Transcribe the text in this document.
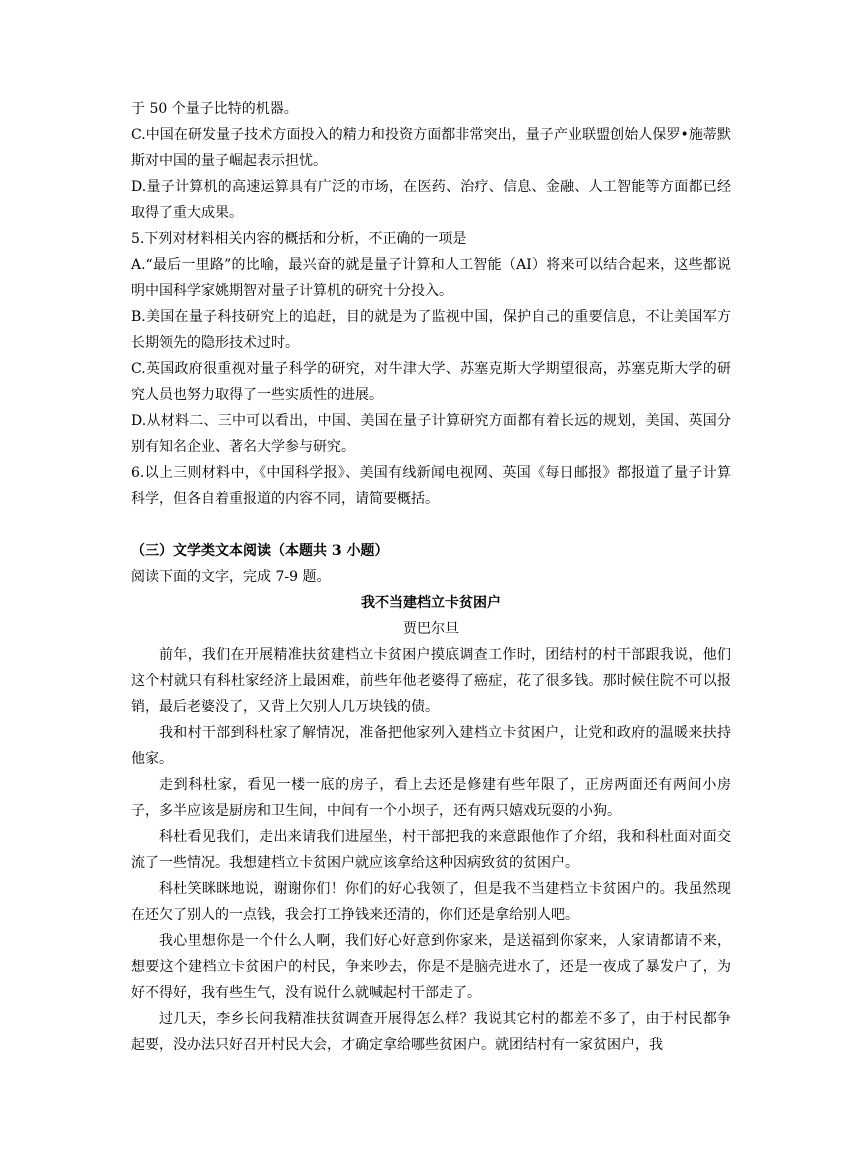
于 50 个量子比特的机器。

C.中国在研发量子技术方面投入的精力和投资方面都非常突出，量子产业联盟创始人保罗•施蒂默斯对中国的量子崛起表示担忧。

D.量子计算机的高速运算具有广泛的市场，在医药、治疗、信息、金融、人工智能等方面都已经取得了重大成果。

5.下列对材料相关内容的概括和分析，不正确的一项是

A.“最后一里路”的比喻，最兴奋的就是量子计算和人工智能（AI）将来可以结合起来，这些都说明中国科学家姚期智对量子计算机的研究十分投入。

B.美国在量子科技研究上的追赶，目的就是为了监视中国，保护自己的重要信息，不让美国军方长期领先的隐形技术过时。

C.英国政府很重视对量子科学的研究，对牛津大学、苏塞克斯大学期望很高，苏塞克斯大学的研究人员也努力取得了一些实质性的进展。

D.从材料二、三中可以看出，中国、美国在量子计算研究方面都有着长远的规划，美国、英国分别有知名企业、著名大学参与研究。

6.以上三则材料中，《中国科学报》、美国有线新闻电视网、英国《每日邮报》都报道了量子计算科学，但各自着重报道的内容不同，请简要概括。

（三）文学类文本阅读（本题共 3 小题）

阅读下面的文字，完成 7-9 题。

我不当建档立卡贫困户

贾巴尔旦

前年，我们在开展精准扶贫建档立卡贫困户摸底调查工作时，团结村的村干部跟我说，他们这个村就只有科杜家经济上最困难，前些年他老婆得了癌症，花了很多钱。那时候住院不可以报销，最后老婆没了，又背上欠别人几万块钱的债。

我和村干部到科杜家了解情况，准备把他家列入建档立卡贫困户，让党和政府的温暖来扶持他家。

走到科杜家，看见一楼一底的房子，看上去还是修建有些年限了，正房两面还有两间小房子，多半应该是厨房和卫生间，中间有一个小坝子，还有两只嬉戏玩耍的小狗。

科杜看见我们，走出来请我们进屋坐，村干部把我的来意跟他作了介绍，我和科杜面对面交流了一些情况。我想建档立卡贫困户就应该拿给这种因病致贫的贫困户。

科杜笑眯眯地说，谢谢你们！你们的好心我领了，但是我不当建档立卡贫困户的。我虽然现在还欠了别人的一点钱，我会打工挣钱来还清的，你们还是拿给别人吧。

我心里想你是一个什么人啊，我们好心好意到你家来，是送福到你家来，人家请都请不来，想要这个建档立卡贫困户的村民，争来吵去，你是不是脑壳进水了，还是一夜成了暴发户了，为好不得好，我有些生气，没有说什么就喊起村干部走了。

过几天，李乡长问我精准扶贫调查开展得怎么样？我说其它村的都差不多了，由于村民都争起要，没办法只好召开村民大会，才确定拿给哪些贫困户。就团结村有一家贫困户，我
